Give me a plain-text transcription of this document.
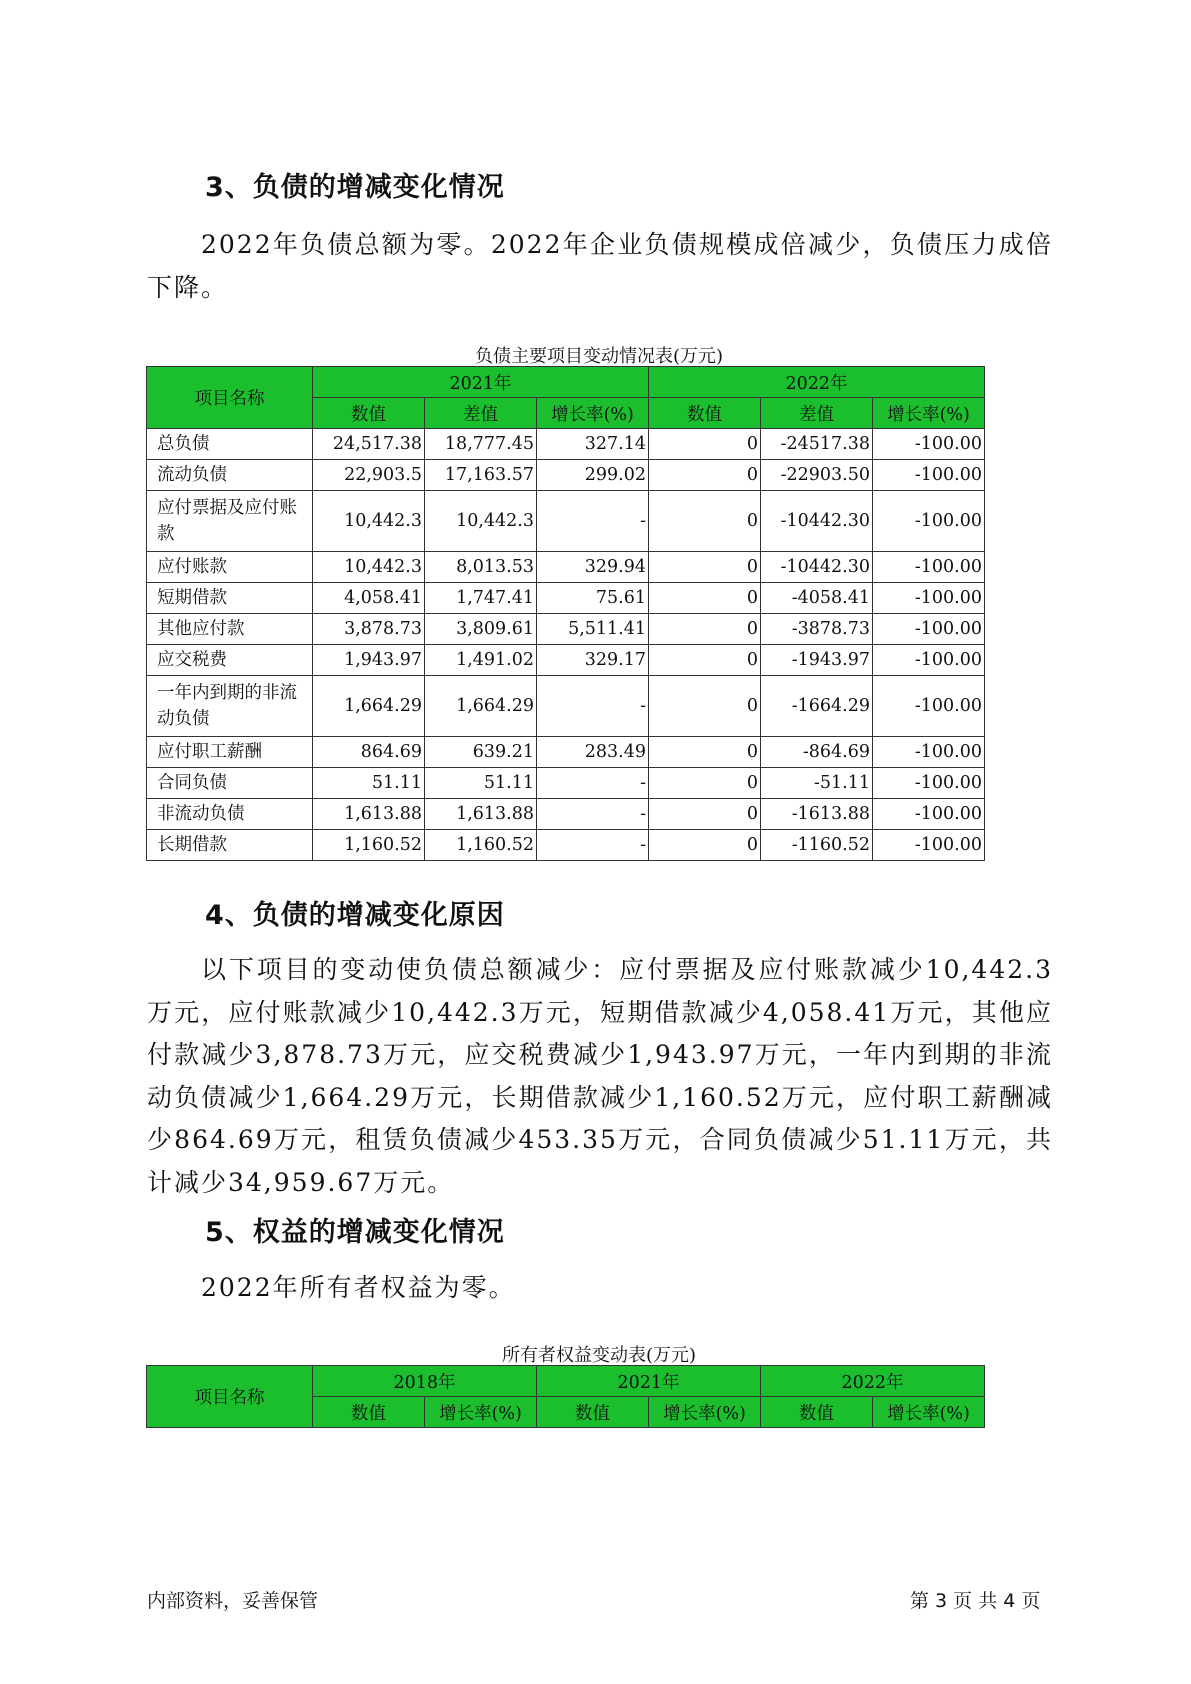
3、负债的增减变化情况

2022年负债总额为零。2022年企业负债规模成倍减少，负债压力成倍下降。

负债主要项目变动情况表(万元)
项目名称	2021年			2022年		
	数值	差值	增长率(%)	数值	差值	增长率(%)
总负债	24,517.38	18,777.45	327.14	0	-24517.38	-100.00
流动负债	22,903.5	17,163.57	299.02	0	-22903.50	-100.00
应付票据及应付账款	10,442.3	10,442.3	-	0	-10442.30	-100.00
应付账款	10,442.3	8,013.53	329.94	0	-10442.30	-100.00
短期借款	4,058.41	1,747.41	75.61	0	-4058.41	-100.00
其他应付款	3,878.73	3,809.61	5,511.41	0	-3878.73	-100.00
应交税费	1,943.97	1,491.02	329.17	0	-1943.97	-100.00
一年内到期的非流动负债	1,664.29	1,664.29	-	0	-1664.29	-100.00
应付职工薪酬	864.69	639.21	283.49	0	-864.69	-100.00
合同负债	51.11	51.11	-	0	-51.11	-100.00
非流动负债	1,613.88	1,613.88	-	0	-1613.88	-100.00
长期借款	1,160.52	1,160.52	-	0	-1160.52	-100.00
4、负债的增减变化原因

以下项目的变动使负债总额减少：应付票据及应付账款减少10,442.3万元，应付账款减少10,442.3万元，短期借款减少4,058.41万元，其他应付款减少3,878.73万元，应交税费减少1,943.97万元，一年内到期的非流动负债减少1,664.29万元，长期借款减少1,160.52万元，应付职工薪酬减少864.69万元，租赁负债减少453.35万元，合同负债减少51.11万元，共计减少34,959.67万元。

5、权益的增减变化情况

2022年所有者权益为零。

所有者权益变动表(万元)
项目名称	2018年		2021年		2022年	
	数值	增长率(%)	数值	增长率(%)	数值	增长率(%)
内部资料，妥善保管	第 3 页 共 4 页
